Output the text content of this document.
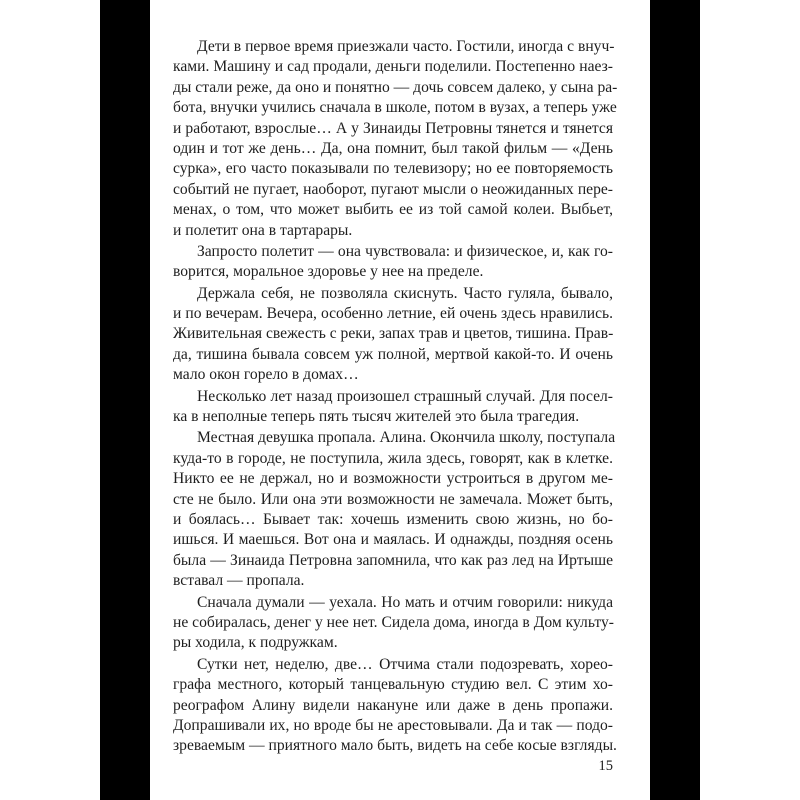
Дети в первое время приезжали часто. Гостили, иногда с внуч-
ками. Машину и сад продали, деньги поделили. Постепенно наез-
ды стали реже, да оно и понятно — дочь совсем далеко, у сына ра-
бота, внучки учились сначала в школе, потом в вузах, а теперь уже
и работают, взрослые… А у Зинаиды Петровны тянется и тянется
один и тот же день… Да, она помнит, был такой фильм — «День
сурка», его часто показывали по телевизору; но ее повторяемость
событий не пугает, наоборот, пугают мысли о неожиданных пере-
менах, о том, что может выбить ее из той самой колеи. Выбьет,
и полетит она в тартарары.
Запросто полетит — она чувствовала: и физическое, и, как го-
ворится, моральное здоровье у нее на пределе.
Держала себя, не позволяла скиснуть. Часто гуляла, бывало,
и по вечерам. Вечера, особенно летние, ей очень здесь нравились.
Живительная свежесть с реки, запах трав и цветов, тишина. Прав-
да, тишина бывала совсем уж полной, мертвой какой-то. И очень
мало окон горело в домах…
Несколько лет назад произошел страшный случай. Для посел-
ка в неполные теперь пять тысяч жителей это была трагедия.
Местная девушка пропала. Алина. Окончила школу, поступала
куда-то в городе, не поступила, жила здесь, говорят, как в клетке.
Никто ее не держал, но и возможности устроиться в другом ме-
сте не было. Или она эти возможности не замечала. Может быть,
и боялась… Бывает так: хочешь изменить свою жизнь, но бо-
ишься. И маешься. Вот она и маялась. И однажды, поздняя осень
была — Зинаида Петровна запомнила, что как раз лед на Иртыше
вставал — пропала.
Сначала думали — уехала. Но мать и отчим говорили: никуда
не собиралась, денег у нее нет. Сидела дома, иногда в Дом культу-
ры ходила, к подружкам.
Сутки нет, неделю, две… Отчима стали подозревать, хорео-
графа местного, который танцевальную студию вел. С этим хо-
реографом Алину видели накануне или даже в день пропажи.
Допрашивали их, но вроде бы не арестовывали. Да и так — подо-
зреваемым — приятного мало быть, видеть на себе косые взгляды.
15
